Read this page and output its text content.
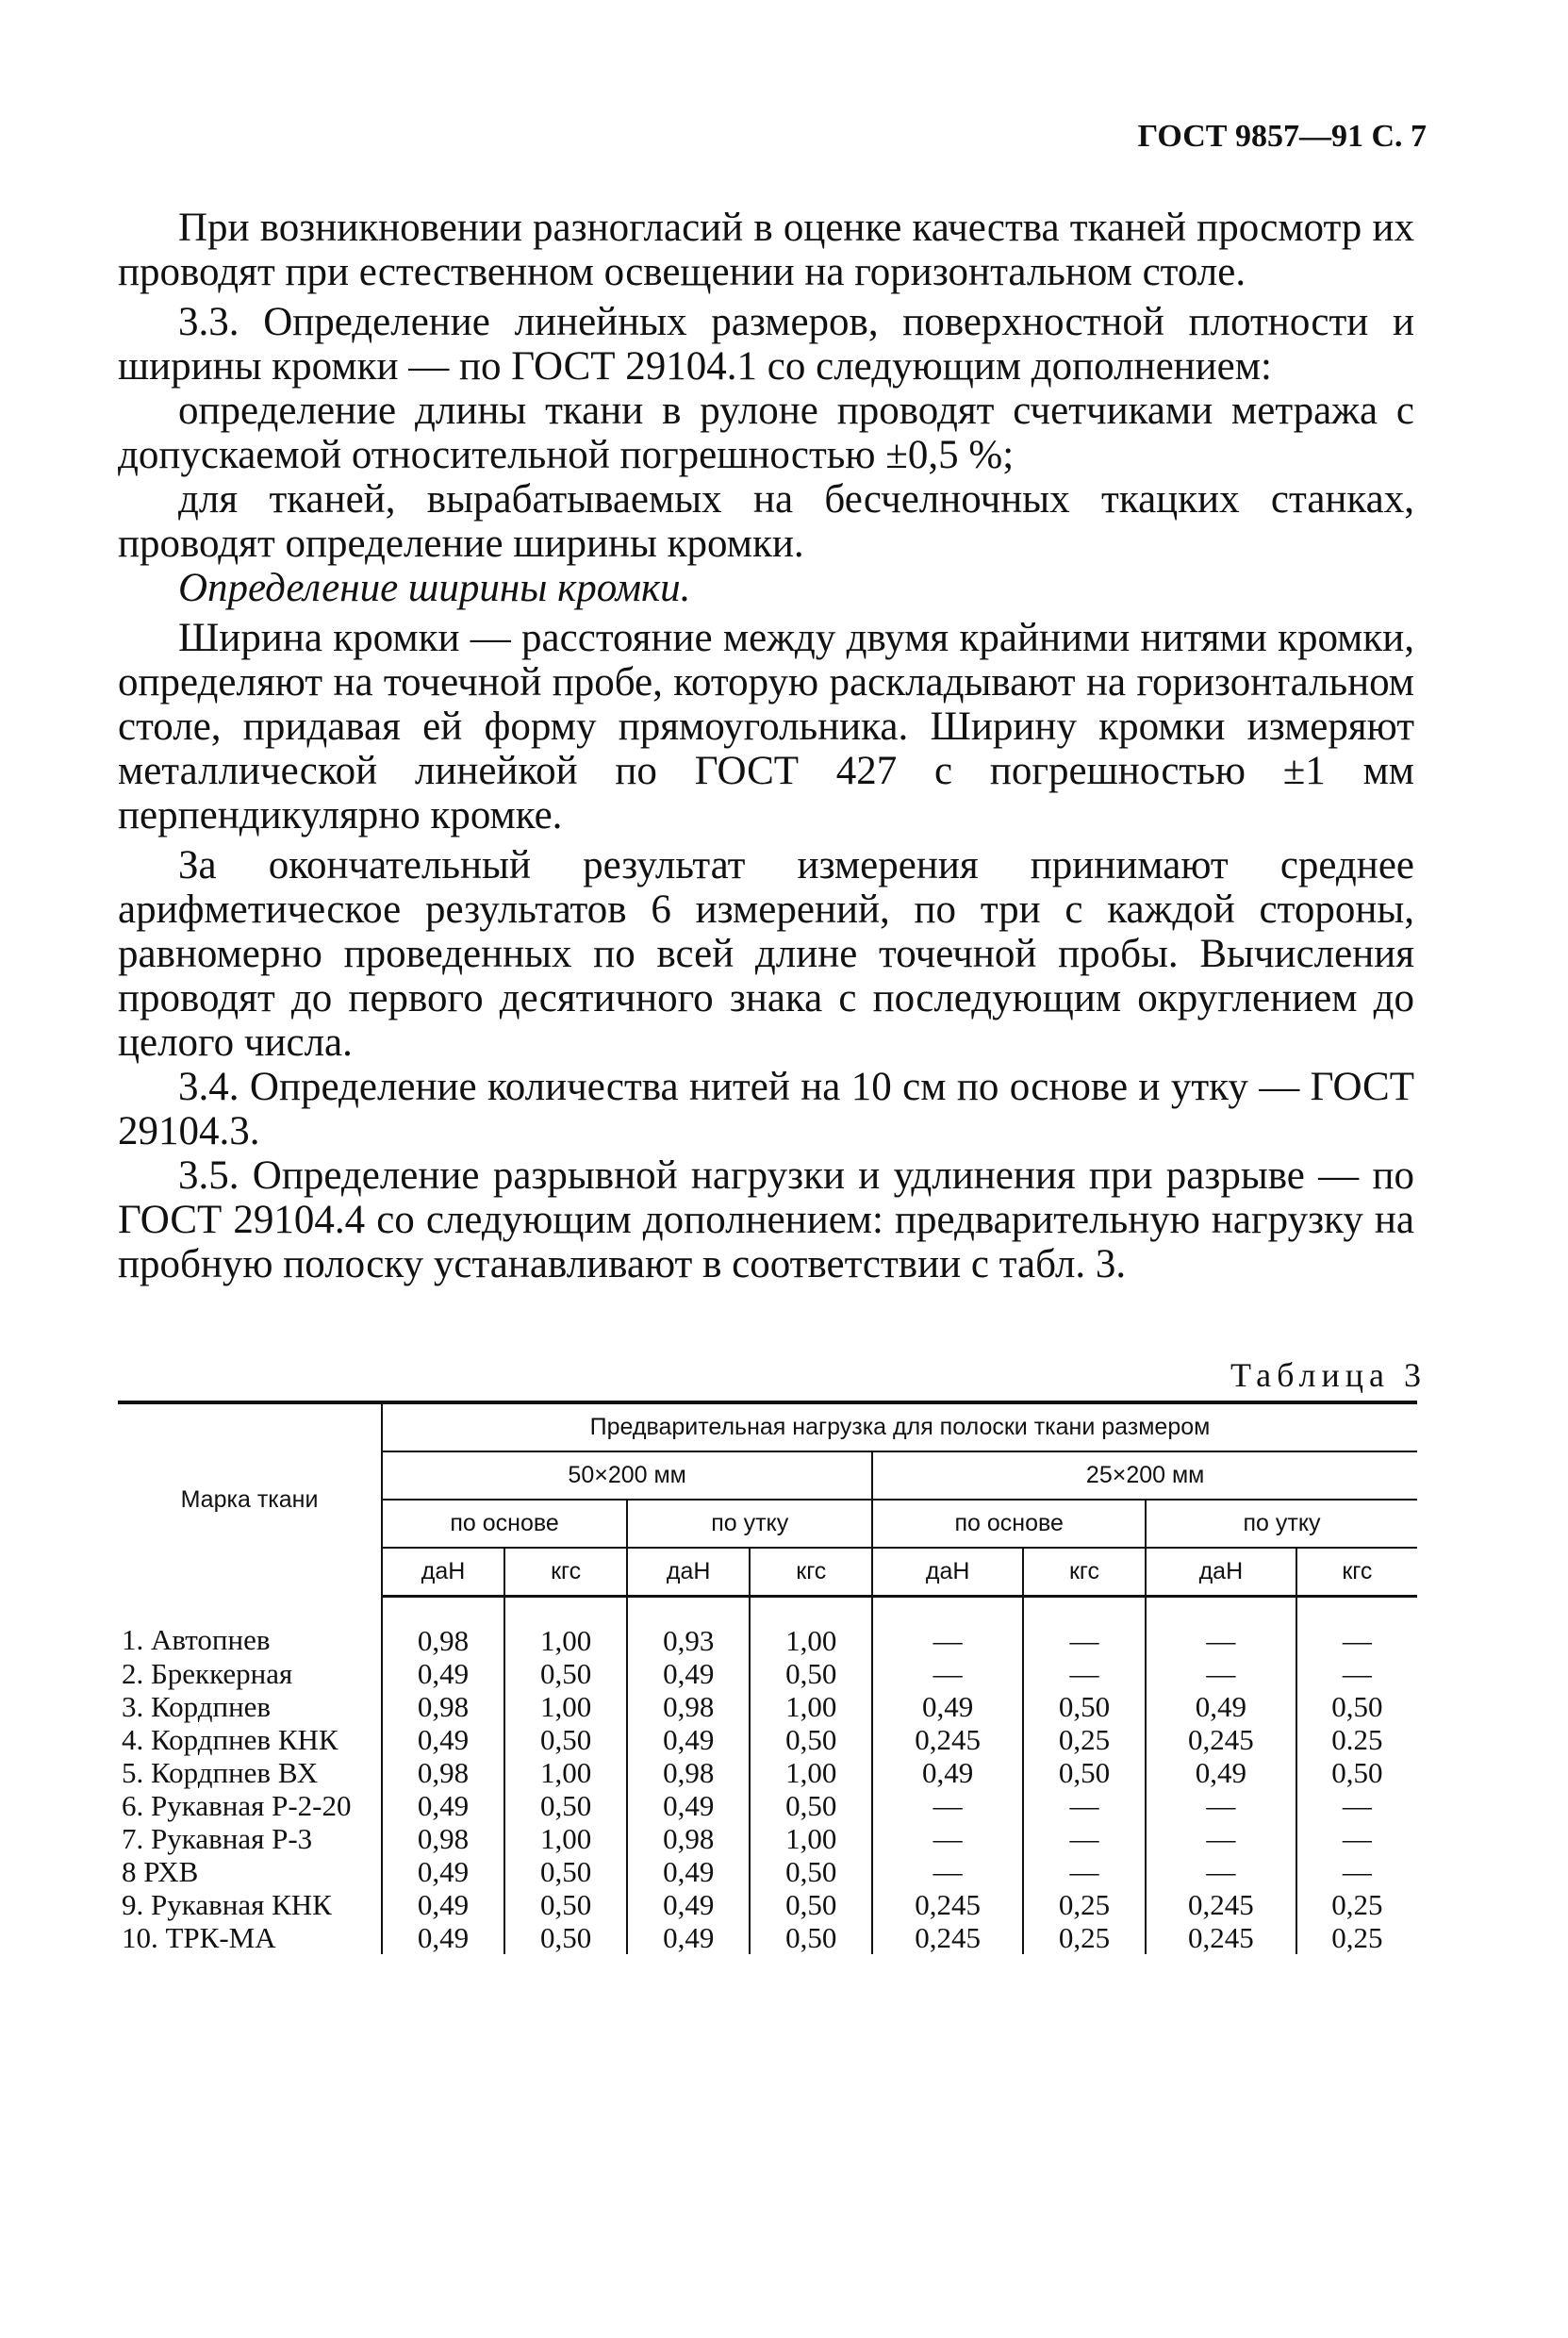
ГОСТ 9857—91 С. 7

При возникновении разногласий в оценке качества тканей просмотр их проводят при естественном освещении на горизонтальном столе.

3.3. Определение линейных размеров, поверхностной плотности и ширины кромки — по ГОСТ 29104.1 со следующим дополнением:

определение длины ткани в рулоне проводят счетчиками метража с допускаемой относительной погрешностью ±0,5 %;

для тканей, вырабатываемых на бесчелночных ткацких станках, проводят определение ширины кромки.

Определение ширины кромки.

Ширина кромки — расстояние между двумя крайними нитями кромки, определяют на точечной пробе, которую раскладывают на горизонтальном столе, придавая ей форму прямоугольника. Ширину кромки измеряют металлической линейкой по ГОСТ 427 с погрешностью ±1 мм перпендикулярно кромке.

За окончательный результат измерения принимают среднее арифметическое результатов 6 измерений, по три с каждой стороны, равномерно проведенных по всей длине точечной пробы. Вычисления проводят до первого десятичного знака с последующим округлением до целого числа.

3.4. Определение количества нитей на 10 см по основе и утку — ГОСТ 29104.3.

3.5. Определение разрывной нагрузки и удлинения при разрыве — по ГОСТ 29104.4 со следующим дополнением: предварительную нагрузку на пробную полоску устанавливают в соответствии с табл. 3.

Таблица 3
Марка ткани	Предварительная нагрузка для полоски ткани размером							
	50×200 мм				25×200 мм			
	по основе		по утку		по основе		по утку	
	даН	кгс	даН	кгс	даН	кгс	даН	кгс
1. Автопнев	0,98	1,00	0,93	1,00	—	—	—	—
2. Бреккерная	0,49	0,50	0,49	0,50	—	—	—	—
3. Кордпнев	0,98	1,00	0,98	1,00	0,49	0,50	0,49	0,50
4. Кордпнев КНК	0,49	0,50	0,49	0,50	0,245	0,25	0,245	0.25
5. Кордпнев ВХ	0,98	1,00	0,98	1,00	0,49	0,50	0,49	0,50
6. Рукавная Р-2-20	0,49	0,50	0,49	0,50	—	—	—	—
7. Рукавная Р-3	0,98	1,00	0,98	1,00	—	—	—	—
8 РХВ	0,49	0,50	0,49	0,50	—	—	—	—
9. Рукавная КНК	0,49	0,50	0,49	0,50	0,245	0,25	0,245	0,25
10. ТРК-МА	0,49	0,50	0,49	0,50	0,245	0,25	0,245	0,25
